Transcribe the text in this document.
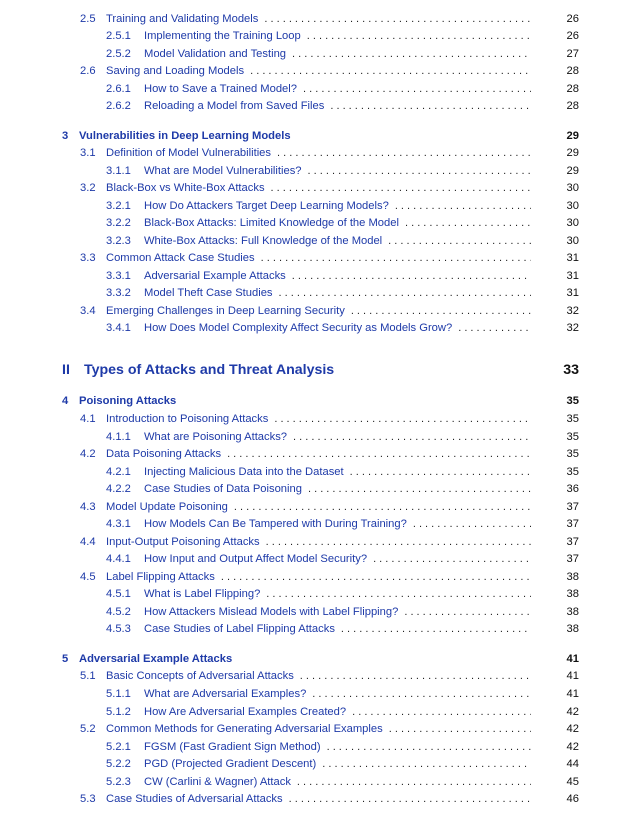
2.5 Training and Validating Models . . .	26
2.5.1 Implementing the Training Loop . . .	26
2.5.2 Model Validation and Testing . . .	27
2.6 Saving and Loading Models . . .	28
2.6.1 How to Save a Trained Model? . . .	28
2.6.2 Reloading a Model from Saved Files . . .	28
3 Vulnerabilities in Deep Learning Models	29
3.1 Definition of Model Vulnerabilities . . .	29
3.1.1 What are Model Vulnerabilities? . . .	29
3.2 Black-Box vs White-Box Attacks . . .	30
3.2.1 How Do Attackers Target Deep Learning Models? . . .	30
3.2.2 Black-Box Attacks: Limited Knowledge of the Model . . .	30
3.2.3 White-Box Attacks: Full Knowledge of the Model . . .	30
3.3 Common Attack Case Studies . . .	31
3.3.1 Adversarial Example Attacks . . .	31
3.3.2 Model Theft Case Studies . . .	31
3.4 Emerging Challenges in Deep Learning Security . . .	32
3.4.1 How Does Model Complexity Affect Security as Models Grow? . . .	32
II Types of Attacks and Threat Analysis	33
4 Poisoning Attacks	35
4.1 Introduction to Poisoning Attacks . . .	35
4.1.1 What are Poisoning Attacks? . . .	35
4.2 Data Poisoning Attacks . . .	35
4.2.1 Injecting Malicious Data into the Dataset . . .	35
4.2.2 Case Studies of Data Poisoning . . .	36
4.3 Model Update Poisoning . . .	37
4.3.1 How Models Can Be Tampered with During Training? . . .	37
4.4 Input-Output Poisoning Attacks . . .	37
4.4.1 How Input and Output Affect Model Security? . . .	37
4.5 Label Flipping Attacks . . .	38
4.5.1 What is Label Flipping? . . .	38
4.5.2 How Attackers Mislead Models with Label Flipping? . . .	38
4.5.3 Case Studies of Label Flipping Attacks . . .	38
5 Adversarial Example Attacks	41
5.1 Basic Concepts of Adversarial Attacks . . .	41
5.1.1 What are Adversarial Examples? . . .	41
5.1.2 How Are Adversarial Examples Created? . . .	42
5.2 Common Methods for Generating Adversarial Examples . . .	42
5.2.1 FGSM (Fast Gradient Sign Method) . . .	42
5.2.2 PGD (Projected Gradient Descent) . . .	44
5.2.3 CW (Carlini & Wagner) Attack . . .	45
5.3 Case Studies of Adversarial Attacks . . .	46
